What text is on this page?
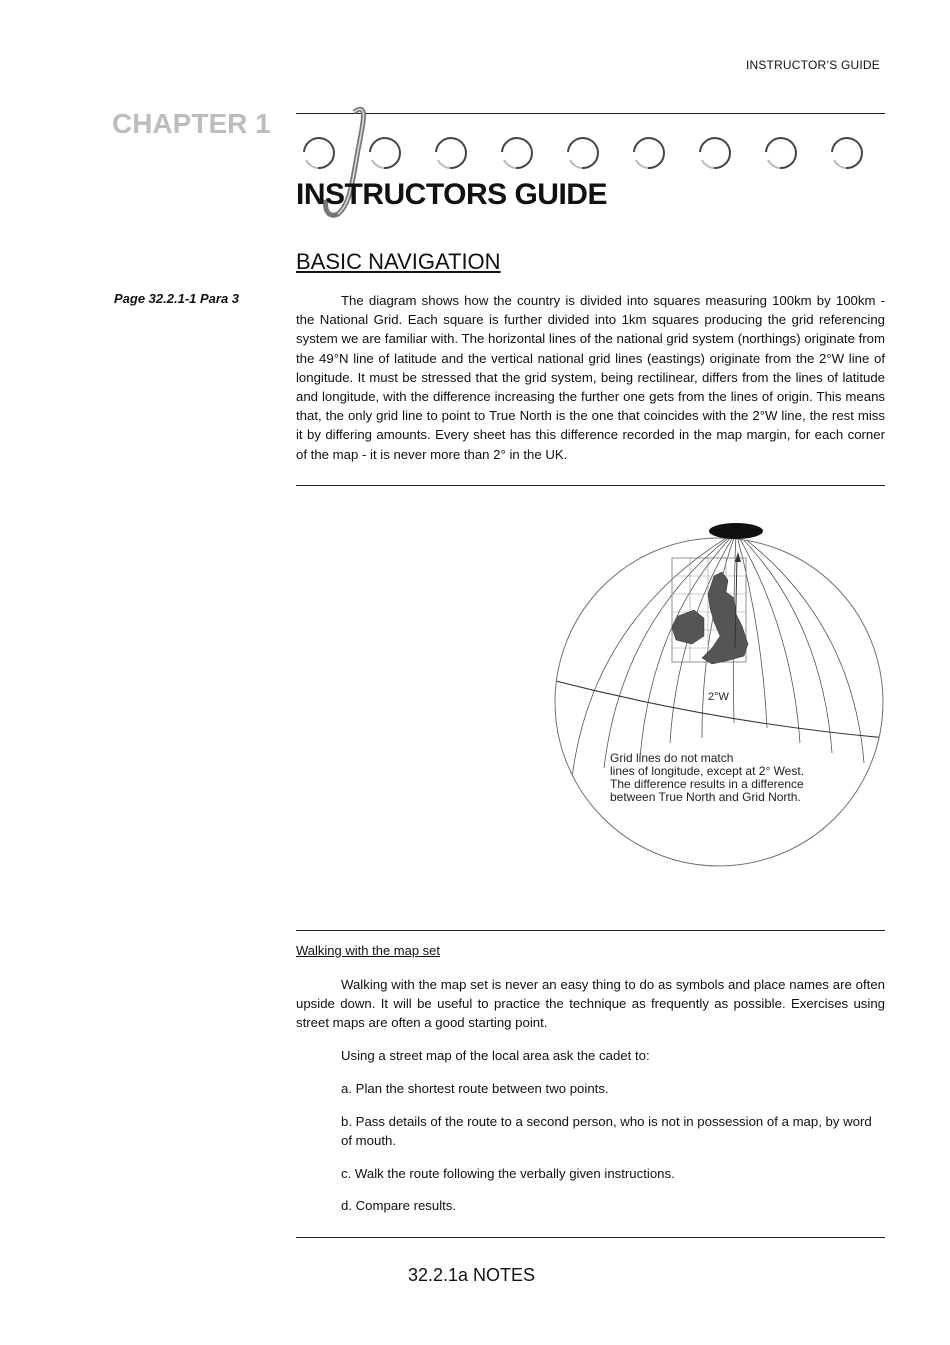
INSTRUCTOR’S GUIDE
CHAPTER 1
INSTRUCTORS GUIDE
BASIC NAVIGATION
Page 32.2.1-1 Para 3	The diagram shows how the country is divided into squares measuring 100km by 100km - the National Grid. Each square is further divided into 1km squares producing the grid referencing system we are familiar with. The horizontal lines of the national grid system (northings) originate from the 49°N line of latitude and the vertical national grid lines (eastings) originate from the 2°W line of longitude. It must be stressed that the grid system, being rectilinear, differs from the lines of latitude and longitude, with the difference increasing the further one gets from the lines of origin. This means that, the only grid line to point to True North is the one that coincides with the 2°W line, the rest miss it by differing amounts. Every sheet has this difference recorded in the map margin, for each corner of the map - it is never more than 2° in the UK.
2°W
Grid lines do not match
lines of longitude, except at 2° West.
The difference results in a difference
between True North and Grid North.
Walking with the map set
Walking with the map set is never an easy thing to do as symbols and place names are often upside down. It will be useful to practice the technique as frequently as possible. Exercises using street maps are often a good starting point.
Using a street map of the local area ask the cadet to:
a. Plan the shortest route between two points.
b. Pass details of the route to a second person, who is not in possession of a map, by word of mouth.
c. Walk the route following the verbally given instructions.
d. Compare results.
32.2.1a NOTES
